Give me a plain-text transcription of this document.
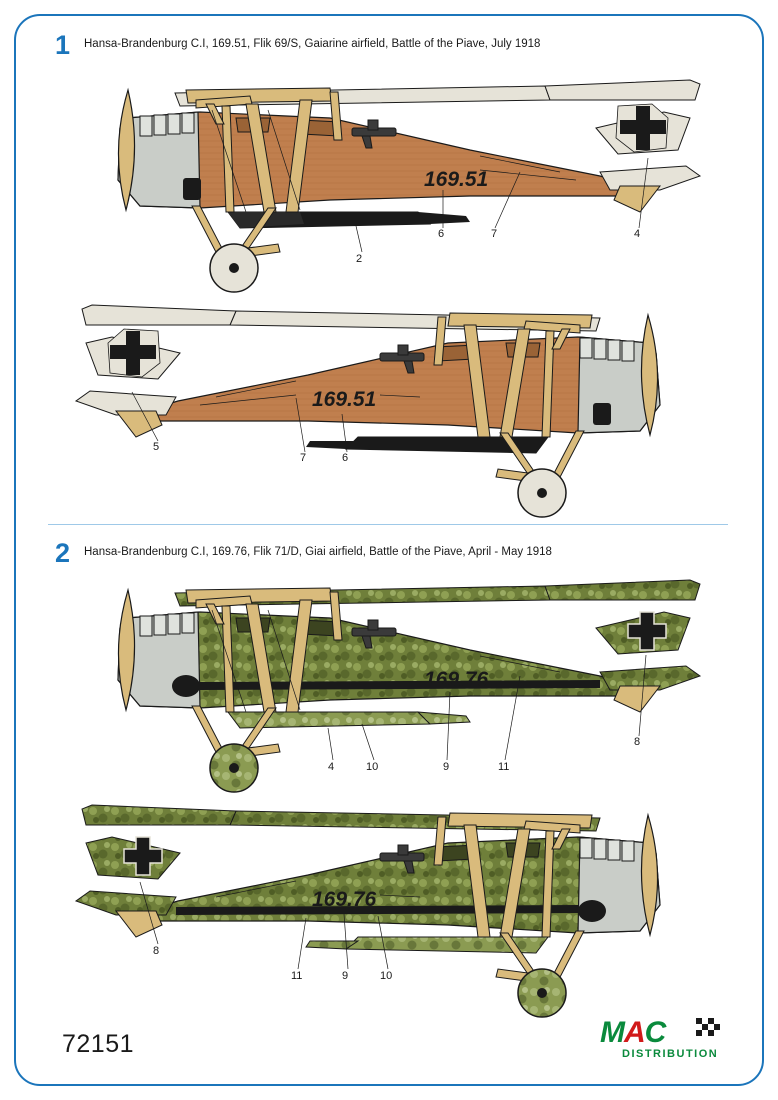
1 Hansa-Brandenburg C.I, 169.51, Flik 69/S, Gaiarine airfield, Battle of the Piave, July 1918
169.51
169.51
2
6	7	4
5
7	6
2 Hansa-Brandenburg C.I, 169.76, Flik 71/D, Giai airfield, Battle of the Piave, April - May 1918
169.76
169.76
4	10	9	11
8
8
11	9	10
72151	MAC
DISTRIBUTION
